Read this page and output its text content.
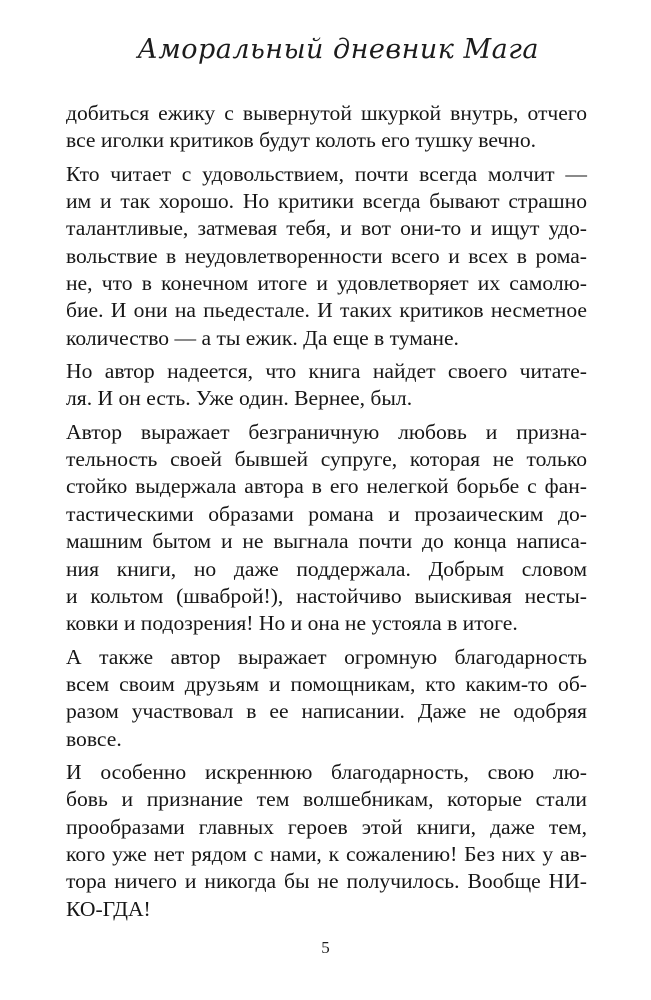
Аморальный дневник Мага
добиться ежику с вывернутой шкуркой внутрь, отчего
все иголки критиков будут колоть его тушку вечно.
Кто читает с удовольствием, почти всегда молчит —
им и так хорошо. Но критики всегда бывают страшно
талантливые, затмевая тебя, и вот они-то и ищут удо-
вольствие в неудовлетворенности всего и всех в рома-
не, что в конечном итоге и удовлетворяет их самолю-
бие. И они на пьедестале. И таких критиков несметное
количество — а ты ежик. Да еще в тумане.
Но автор надеется, что книга найдет своего читате-
ля. И он есть. Уже один. Вернее, был.
Автор выражает безграничную любовь и призна-
тельность своей бывшей супруге, которая не только
стойко выдержала автора в его нелегкой борьбе с фан-
тастическими образами романа и прозаическим до-
машним бытом и не выгнала почти до конца написа-
ния книги, но даже поддержала. Добрым словом
и кольтом (шваброй!), настойчиво выискивая несты-
ковки и подозрения! Но и она не устояла в итоге.
А также автор выражает огромную благодарность
всем своим друзьям и помощникам, кто каким-то об-
разом участвовал в ее написании. Даже не одобряя
вовсе.
И особенно искреннюю благодарность, свою лю-
бовь и признание тем волшебникам, которые стали
прообразами главных героев этой книги, даже тем,
кого уже нет рядом с нами, к сожалению! Без них у ав-
тора ничего и никогда бы не получилось. Вообще НИ-
КО-ГДА!
5
